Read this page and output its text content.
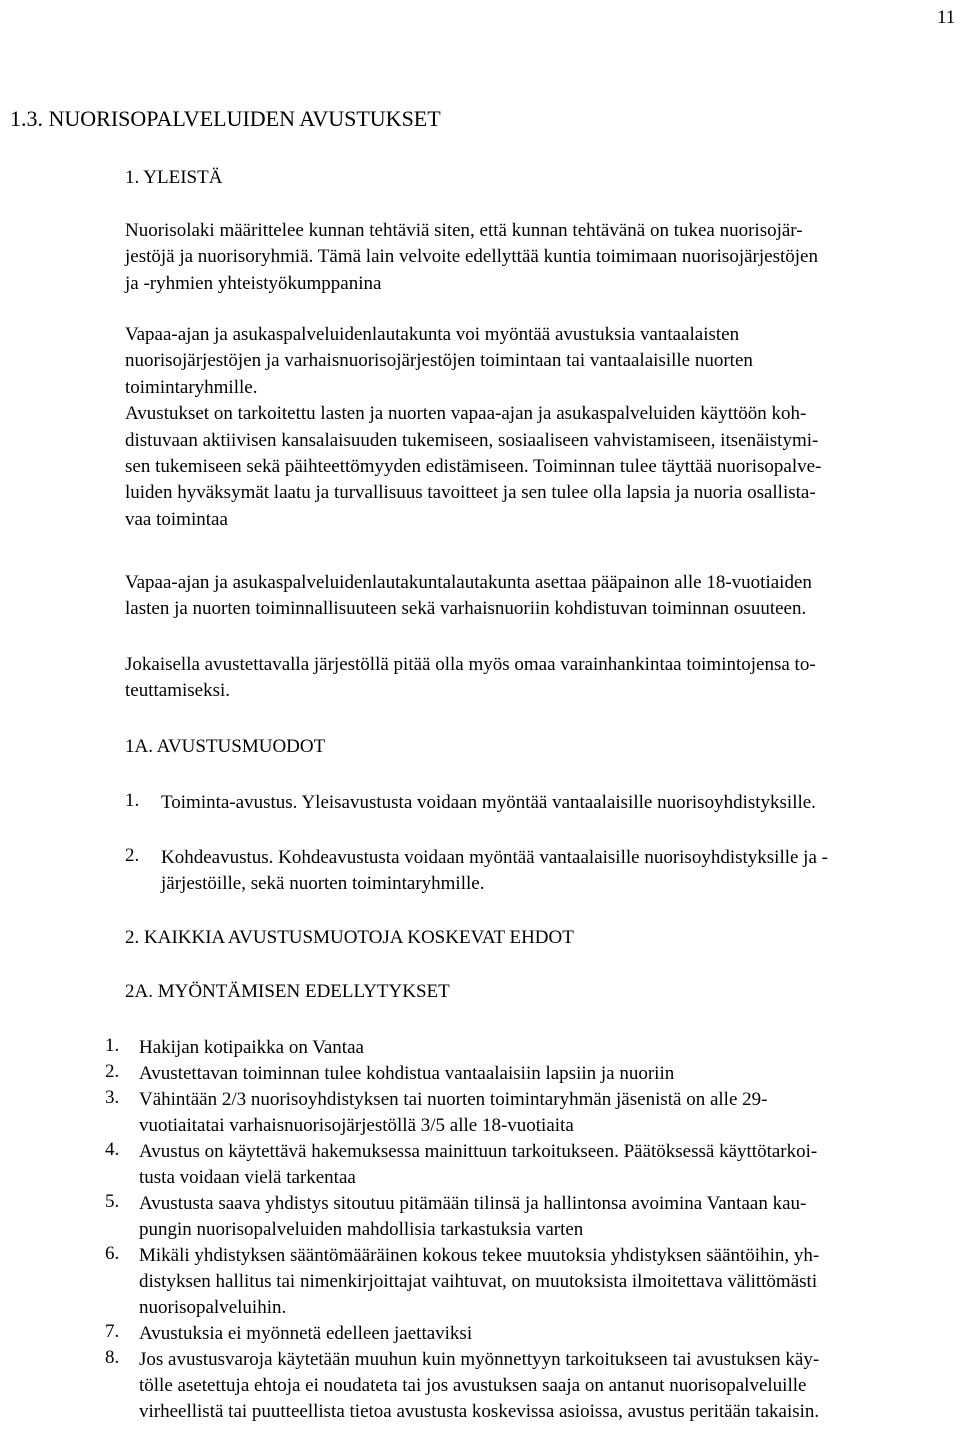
11
1.3. NUORISOPALVELUIDEN AVUSTUKSET
1. YLEISTÄ
Nuorisolaki määrittelee kunnan tehtäviä siten, että kunnan tehtävänä on tukea nuorisojär-
jestöjä ja nuorisoryhmiä. Tämä lain velvoite edellyttää kuntia toimimaan nuorisojärjestöjen
ja -ryhmien yhteistyökumppanina
Vapaa-ajan ja asukaspalveluidenlautakunta voi myöntää avustuksia vantaalaisten
nuorisojärjestöjen ja varhaisnuorisojärjestöjen toimintaan tai vantaalaisille nuorten
toimintaryhmille.
Avustukset on tarkoitettu lasten ja nuorten vapaa-ajan ja asukaspalveluiden käyttöön koh-
distuvaan aktiivisen kansalaisuuden tukemiseen, sosiaaliseen vahvistamiseen, itsenäistymi-
sen tukemiseen sekä päihteettömyyden edistämiseen. Toiminnan tulee täyttää nuorisopalve-
luiden hyväksymät laatu ja turvallisuus tavoitteet ja sen tulee olla lapsia ja nuoria osallista-
vaa toimintaa
Vapaa-ajan ja asukaspalveluidenlautakuntalautakunta asettaa pääpainon alle 18-vuotiaiden
lasten ja nuorten toiminnallisuuteen sekä varhaisnuoriin kohdistuvan toiminnan osuuteen.
Jokaisella avustettavalla järjestöllä pitää olla myös omaa varainhankintaa toimintojensa to-
teuttamiseksi.
1A. AVUSTUSMUODOT
1. Toiminta-avustus. Yleisavustusta voidaan myöntää vantaalaisille nuorisoyhdistyksille.
2. Kohdeavustus. Kohdeavustusta voidaan myöntää vantaalaisille nuorisoyhdistyksille ja -
järjestöille, sekä nuorten toimintaryhmille.
2. KAIKKIA AVUSTUSMUOTOJA KOSKEVAT EHDOT
2A. MYÖNTÄMISEN EDELLYTYKSET
1.	Hakijan kotipaikka on Vantaa
2.	Avustettavan toiminnan tulee kohdistua vantaalaisiin lapsiin ja nuoriin
3.	Vähintään 2/3 nuorisoyhdistyksen tai nuorten toimintaryhmän jäsenistä on alle 29-
vuotiaitatai varhaisnuorisojärjestöllä 3/5 alle 18-vuotiaita
4.	Avustus on käytettävä hakemuksessa mainittuun tarkoitukseen. Päätöksessä käyttötarkoi-
tusta voidaan vielä tarkentaa
5.	Avustusta saava yhdistys sitoutuu pitämään tilinsä ja hallintonsa avoimina Vantaan kau-
pungin nuorisopalveluiden mahdollisia tarkastuksia varten
6.	Mikäli yhdistyksen sääntömääräinen kokous tekee muutoksia yhdistyksen sääntöihin, yh-
distyksen hallitus tai nimenkirjoittajat vaihtuvat, on muutoksista ilmoitettava välittömästi
nuorisopalveluihin.
7.	Avustuksia ei myönnetä edelleen jaettaviksi
8.	Jos avustusvaroja käytetään muuhun kuin myönnettyyn tarkoitukseen tai avustuksen käy-
tölle asetettuja ehtoja ei noudateta tai jos avustuksen saaja on antanut nuorisopalveluille
virheellistä tai puutteellista tietoa avustusta koskevissa asioissa, avustus peritään takaisin.
